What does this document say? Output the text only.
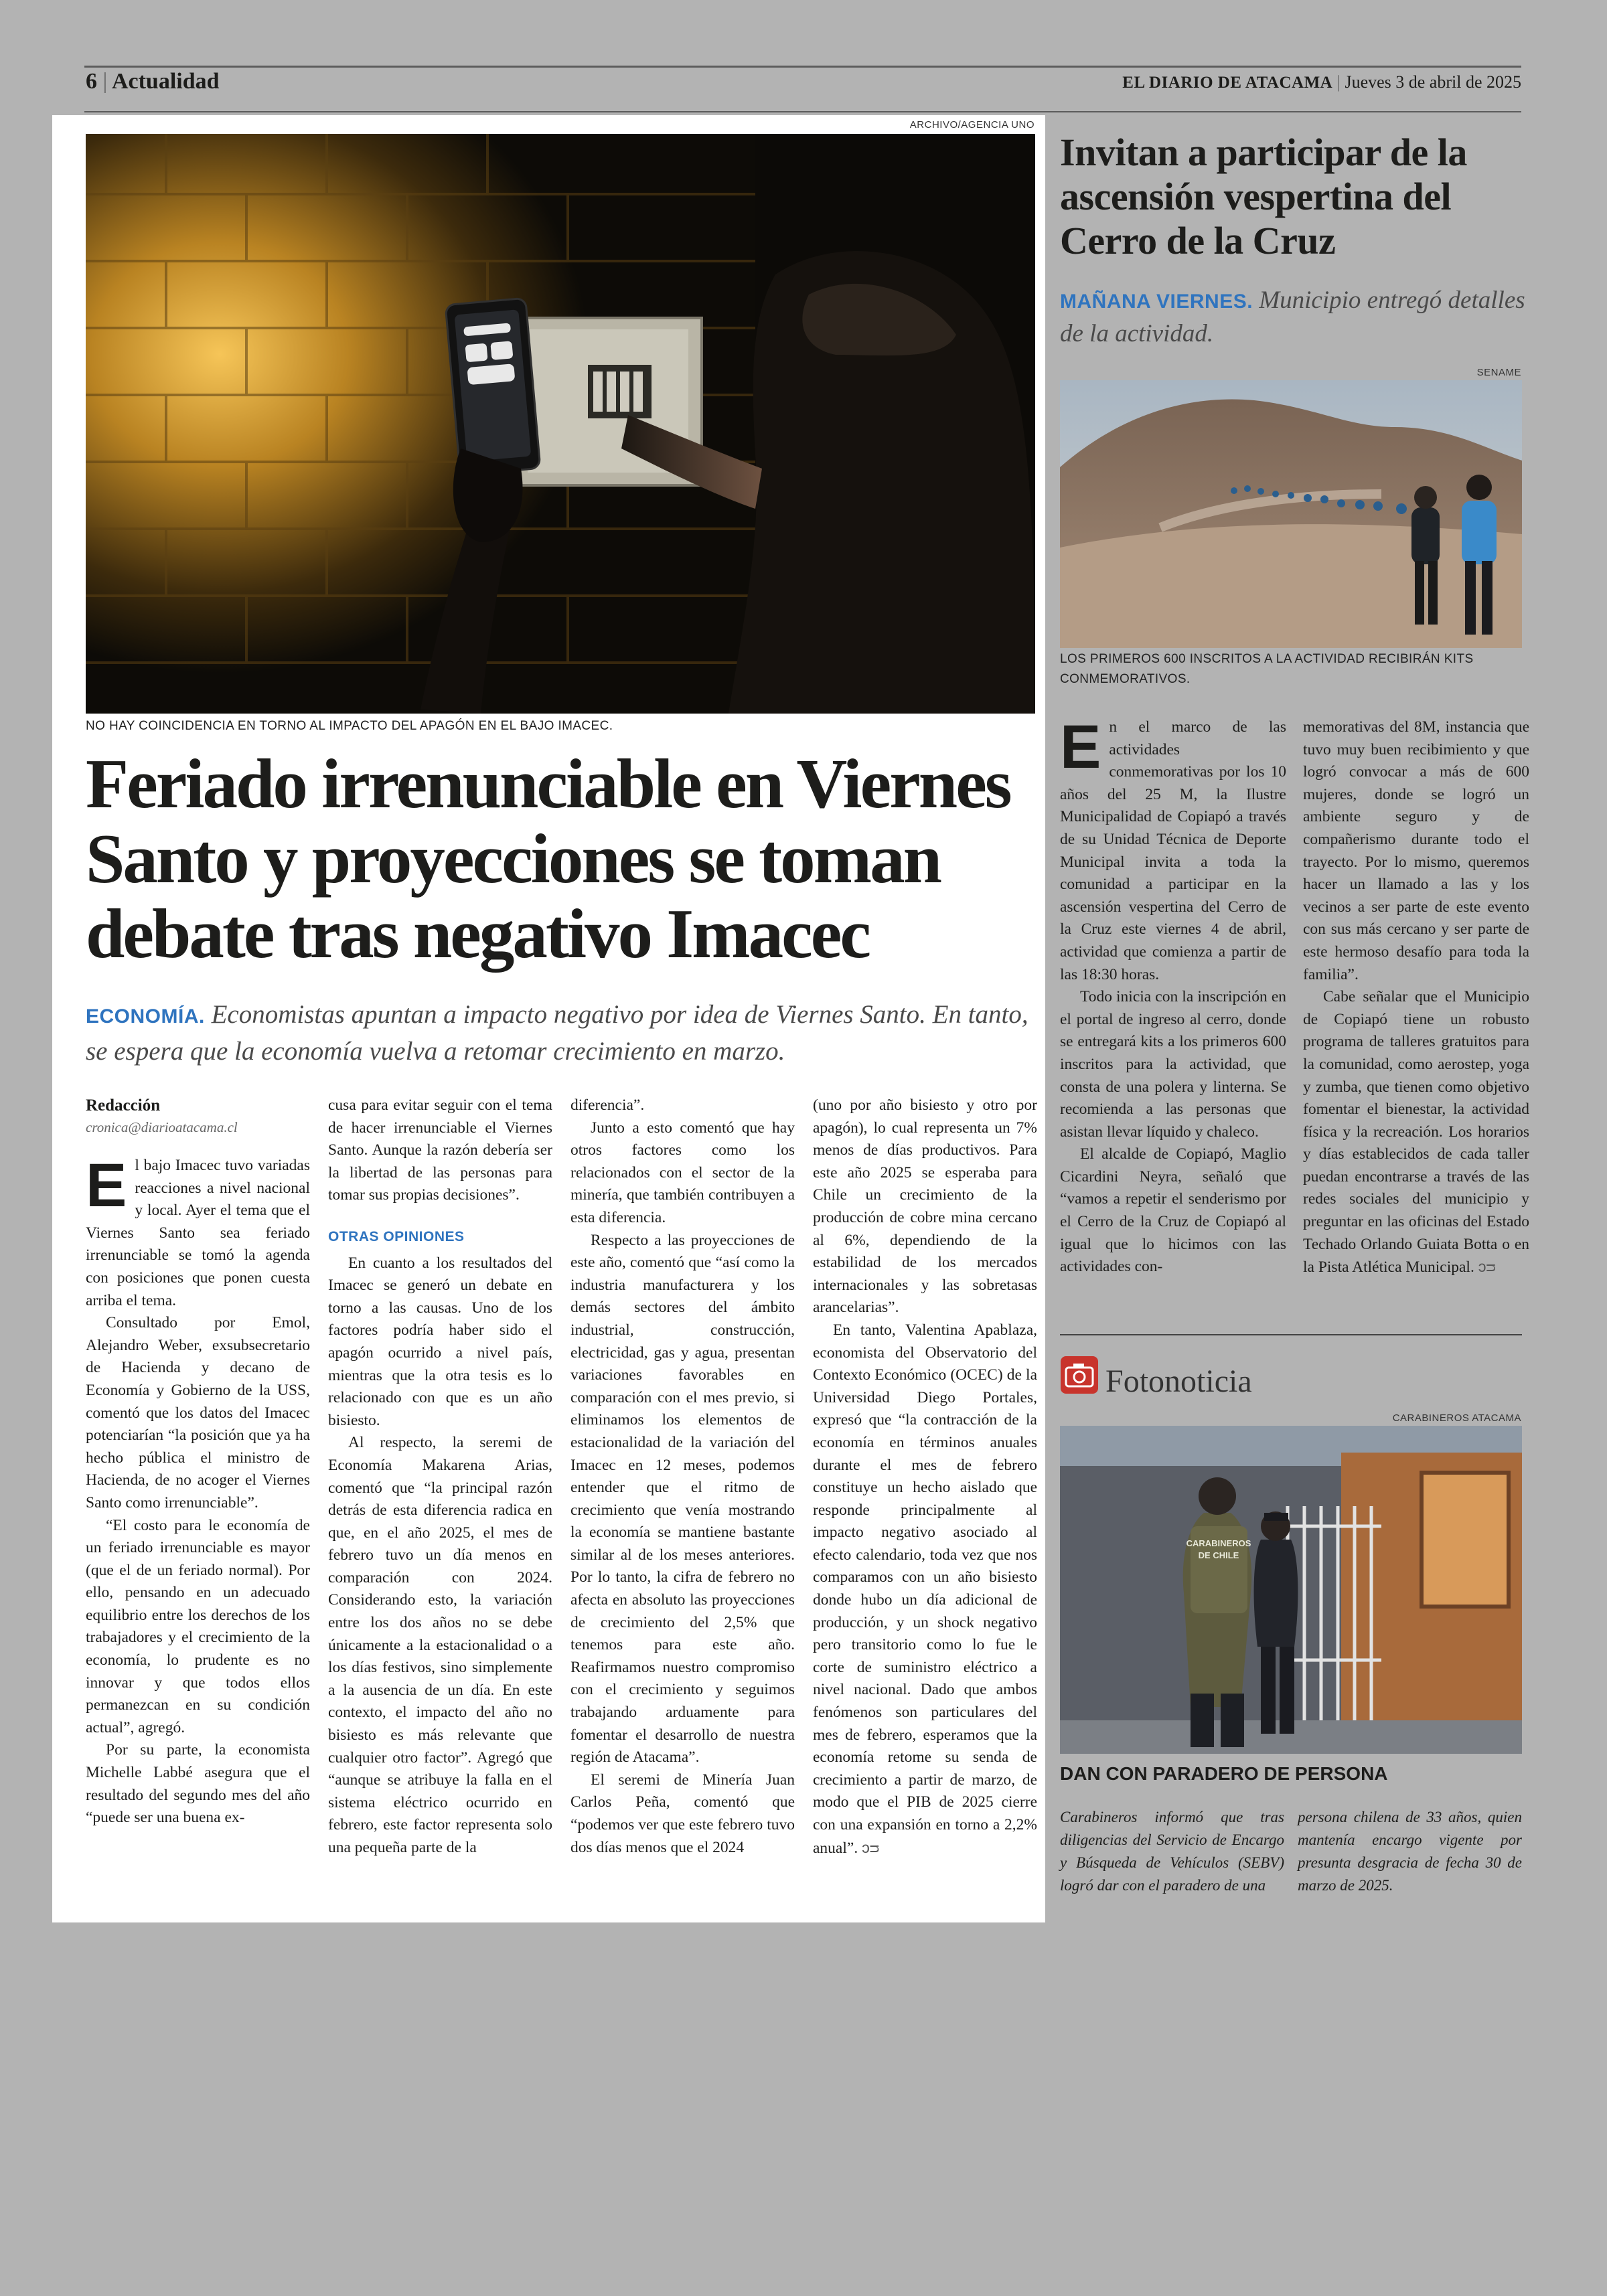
6 | Actualidad	EL DIARIO DE ATACAMA | Jueves 3 de abril de 2025
ARCHIVO/AGENCIA UNO
NO HAY COINCIDENCIA EN TORNO AL IMPACTO DEL APAGÓN EN EL BAJO IMACEC.
Feriado irrenunciable en Viernes Santo y proyecciones se toman debate tras negativo Imacec

ECONOMÍA. Economistas apuntan a impacto negativo por idea de Viernes Santo. En tanto, se espera que la economía vuelva a retomar crecimiento en marzo.

Redacción

cronica@diarioatacama.cl

El bajo Imacec tuvo variadas reacciones a nivel nacional y local. Ayer el tema que el Viernes Santo sea feriado irrenunciable se tomó la agenda con posiciones que ponen cuesta arriba el tema.

Consultado por Emol, Alejandro Weber, exsubsecretario de Hacienda y decano de Economía y Gobierno de la USS, comentó que los datos del Imacec potenciarían “la posición que ya ha hecho pública el ministro de Hacienda, de no acoger el Viernes Santo como irrenunciable”.

“El costo para le economía de un feriado irrenunciable es mayor (que el de un feriado normal). Por ello, pensando en un adecuado equilibrio entre los derechos de los trabajadores y el crecimiento de la economía, lo prudente es no innovar y que todos ellos permanezcan en su condición actual”, agregó.

Por su parte, la economista Michelle Labbé asegura que el resultado del segundo mes del año “puede ser una buena ex-

cusa para evitar seguir con el tema de hacer irrenunciable el Viernes Santo. Aunque la razón debería ser la libertad de las personas para tomar sus propias decisiones”.

OTRAS OPINIONES

En cuanto a los resultados del Imacec se generó un debate en torno a las causas. Uno de los factores podría haber sido el apagón ocurrido a nivel país, mientras que la otra tesis es lo relacionado con que es un año bisiesto.

Al respecto, la seremi de Economía Makarena Arias, comentó que “la principal razón detrás de esta diferencia radica en que, en el año 2025, el mes de febrero tuvo un día menos en comparación con 2024. Considerando esto, la variación entre los dos años no se debe únicamente a la estacionalidad o a los días festivos, sino simplemente a la ausencia de un día. En este contexto, el impacto del año no bisiesto es más relevante que cualquier otro factor”. Agregó que “aunque se atribuye la falla en el sistema eléctrico ocurrido en febrero, este factor representa solo una pequeña parte de la

diferencia”.

Junto a esto comentó que hay otros factores como los relacionados con el sector de la minería, que también contribuyen a esta diferencia.

Respecto a las proyecciones de este año, comentó que “así como la industria manufacturera y los demás sectores del ámbito industrial, construcción, electricidad, gas y agua, presentan variaciones favorables en comparación con el mes previo, si eliminamos los elementos de estacionalidad de la variación del Imacec en 12 meses, podemos entender que el ritmo de crecimiento que venía mostrando la economía se mantiene bastante similar al de los meses anteriores. Por lo tanto, la cifra de febrero no afecta en absoluto las proyecciones de crecimiento del 2,5% que tenemos para este año. Reafirmamos nuestro compromiso con el crecimiento y seguimos trabajando arduamente para fomentar el desarrollo de nuestra región de Atacama”.

El seremi de Minería Juan Carlos Peña, comentó que “podemos ver que este febrero tuvo dos días menos que el 2024

(uno por año bisiesto y otro por apagón), lo cual representa un 7% menos de días productivos. Para este año 2025 se esperaba para Chile un crecimiento de la producción de cobre mina cercano al 6%, dependiendo de la estabilidad de los mercados internacionales y las sobretasas arancelarias”.

En tanto, Valentina Apablaza, economista del Observatorio del Contexto Económico (OCEC) de la Universidad Diego Portales, expresó que “la contracción de la economía en términos anuales durante el mes de febrero constituye un hecho aislado que responde principalmente al impacto negativo asociado al efecto calendario, toda vez que nos comparamos con un año bisiesto donde hubo un día adicional de producción, y un shock negativo pero transitorio como lo fue le corte de suministro eléctrico a nivel nacional. Dado que ambos fenómenos son particulares del mes de febrero, esperamos que la economía retome su senda de crecimiento a partir de marzo, de modo que el PIB de 2025 cierre con una expansión en torno a 2,2% anual”. ↄᴝ

Invitan a participar de la ascensión vespertina del Cerro de la Cruz

MAÑANA VIERNES. Municipio entregó detalles de la actividad.

SENAME
LOS PRIMEROS 600 INSCRITOS A LA ACTIVIDAD RECIBIRÁN KITS CONMEMORATIVOS.

En el marco de las actividades conmemorativas por los 10 años del 25 M, la Ilustre Municipalidad de Copiapó a través de su Unidad Técnica de Deporte Municipal invita a toda la comunidad a participar en la ascensión vespertina del Cerro de la Cruz este viernes 4 de abril, actividad que comienza a partir de las 18:30 horas.

Todo inicia con la inscripción en el portal de ingreso al cerro, donde se entregará kits a los primeros 600 inscritos para la actividad, que consta de una polera y linterna. Se recomienda a las personas que asistan llevar líquido y chaleco.

El alcalde de Copiapó, Maglio Cicardini Neyra, señaló que “vamos a repetir el senderismo por el Cerro de la Cruz de Copiapó al igual que lo hicimos con las actividades con-

memorativas del 8M, instancia que tuvo muy buen recibimiento y que logró convocar a más de 600 mujeres, donde se logró un ambiente seguro y de compañerismo durante todo el trayecto. Por lo mismo, queremos hacer un llamado a las y los vecinos a ser parte de este evento con sus más cercano y ser parte de este hermoso desafío para toda la familia”.

Cabe señalar que el Municipio de Copiapó tiene un robusto programa de talleres gratuitos para la comunidad, como aerostep, yoga y zumba, que tienen como objetivo fomentar el bienestar, la actividad física y la recreación. Los horarios y días establecidos de cada taller puedan encontrarse a través de las redes sociales del municipio y preguntar en las oficinas del Estado Techado Orlando Guiata Botta o en la Pista Atlética Municipal. ↄᴝ

Fotonoticia
CARABINEROS ATACAMA
CARABINEROS
DE CHILE
DAN CON PARADERO DE PERSONA

Carabineros informó que tras diligencias del Servicio de Encargo y Búsqueda de Vehículos (SEBV) logró dar con el paradero de una

persona chilena de 33 años, quien mantenía encargo vigente por presunta desgracia de fecha 30 de marzo de 2025.
